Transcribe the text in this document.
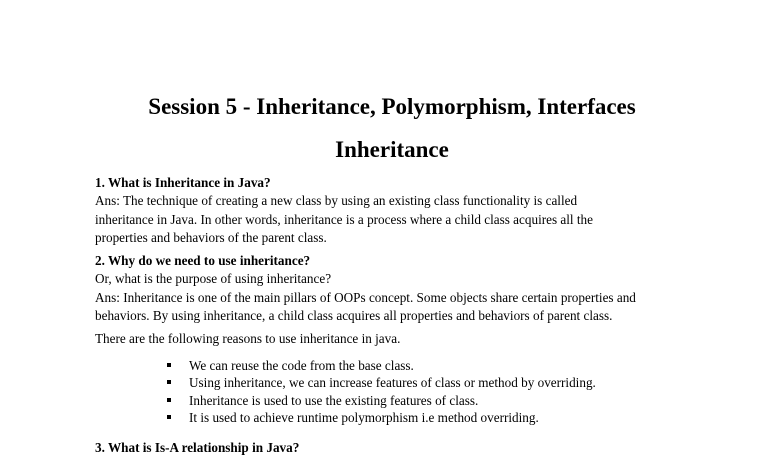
Session 5 - Inheritance, Polymorphism, Interfaces
Inheritance
1. What is Inheritance in Java?
Ans: The technique of creating a new class by using an existing class functionality is called
inheritance in Java. In other words, inheritance is a process where a child class acquires all the
properties and behaviors of the parent class.
2. Why do we need to use inheritance?
Or, what is the purpose of using inheritance?
Ans: Inheritance is one of the main pillars of OOPs concept. Some objects share certain properties and
behaviors. By using inheritance, a child class acquires all properties and behaviors of parent class.
There are the following reasons to use inheritance in java.
We can reuse the code from the base class.
Using inheritance, we can increase features of class or method by overriding.
Inheritance is used to use the existing features of class.
It is used to achieve runtime polymorphism i.e method overriding.
3. What is Is-A relationship in Java?
